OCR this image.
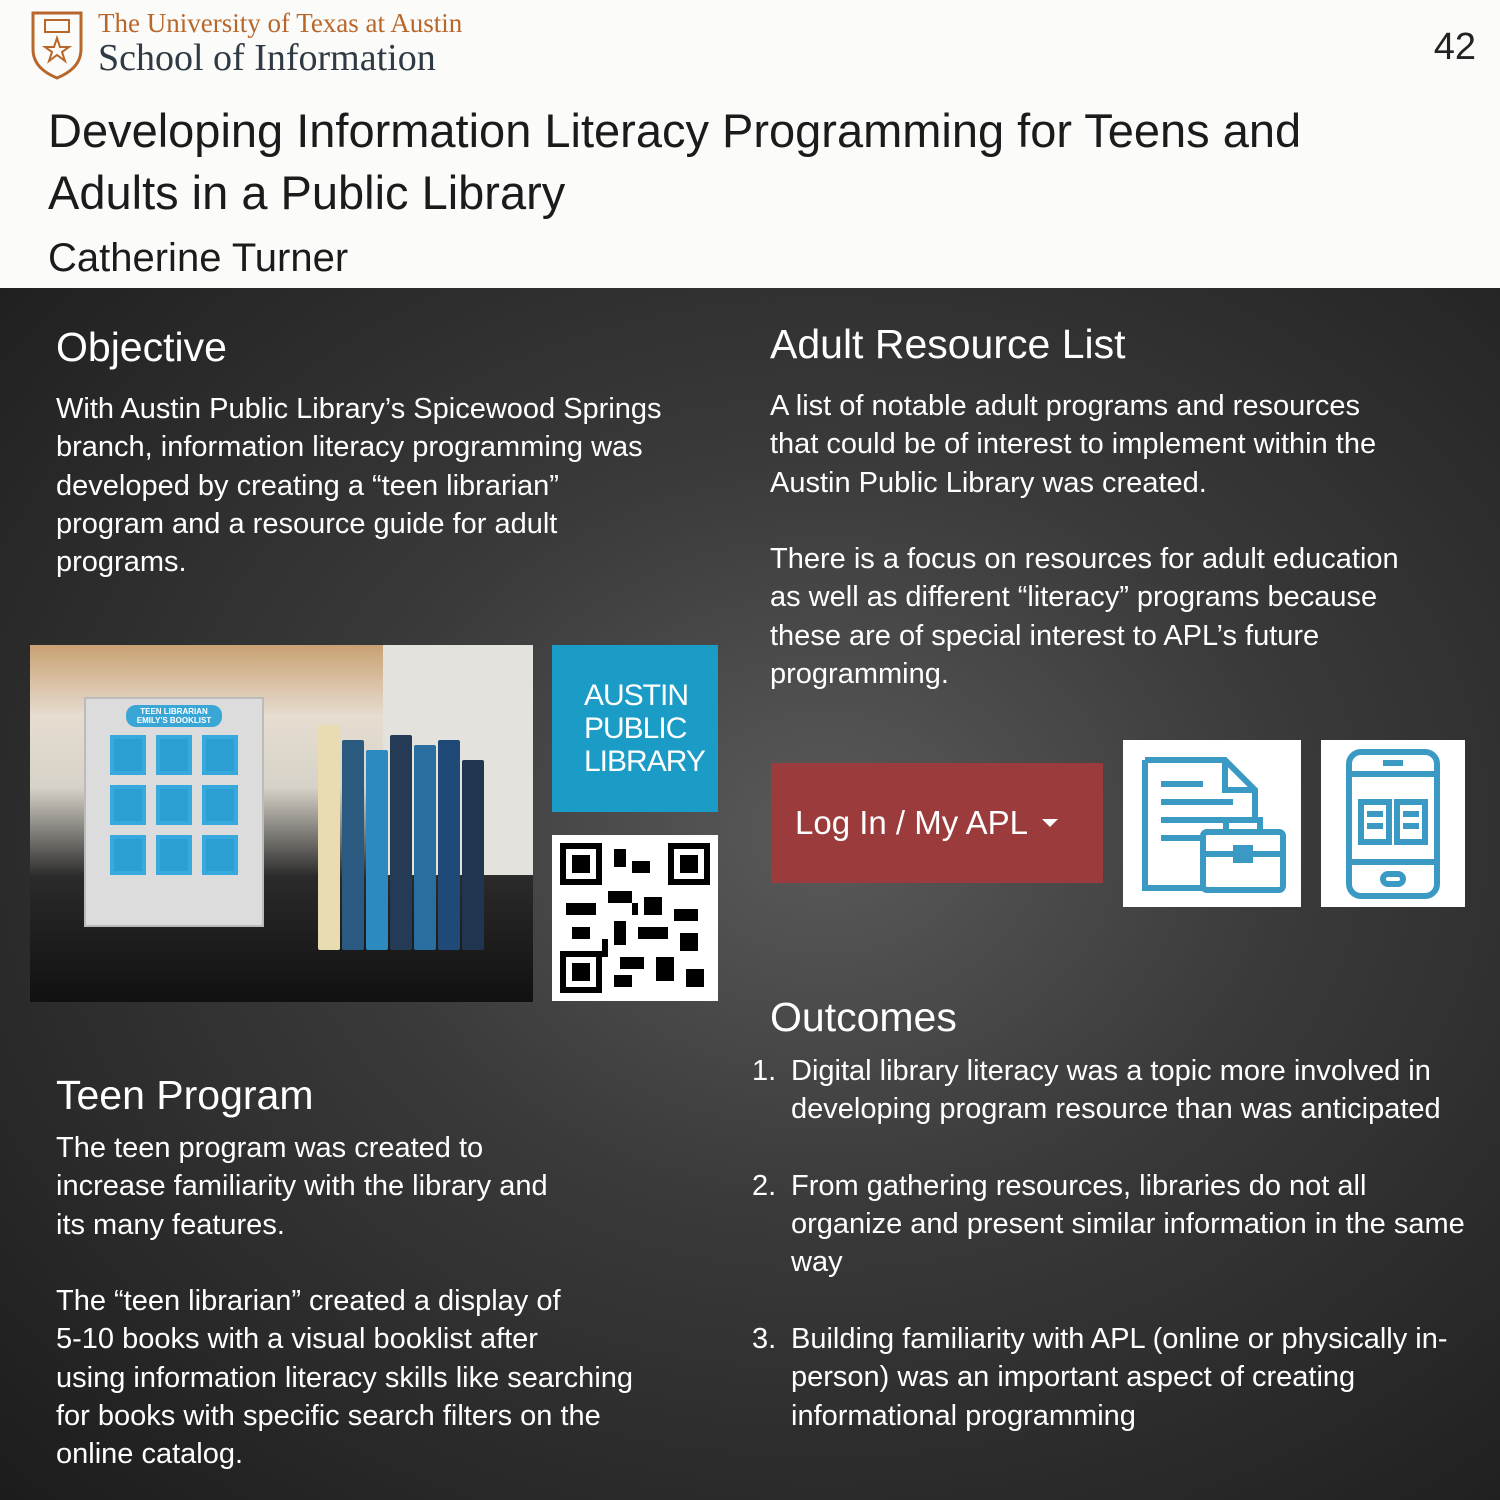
The University of Texas at Austin
School of Information	42
Developing Information Literacy Programming for Teens and Adults in a Public Library
Catherine Turner
Objective
With Austin Public Library’s Spicewood Springs
branch, information literacy programming was
developed by creating a “teen librarian”
program and a resource guide for adult
programs.
TEEN LIBRARIAN EMILY'S BOOKLIST
AUSTIN PUBLIC LIBRARY
Teen Program
The teen program was created to
increase familiarity with the library and
its many features.

The “teen librarian” created a display of
5-10 books with a visual booklist after
using information literacy skills like searching
for books with specific search filters on the
online catalog.
Adult Resource List
A list of notable adult programs and resources
that could be of interest to implement within the
Austin Public Library was created.

There is a focus on resources for adult education
as well as different “literacy” programs because
these are of special interest to APL’s future
programming.
Log In / My APL
Outcomes
1. Digital library literacy was a topic more involved in developing program resource than was anticipated
2. From gathering resources, libraries do not all organize and present similar information in the same way
3. Building familiarity with APL (online or physically in-person) was an important aspect of creating informational programming
